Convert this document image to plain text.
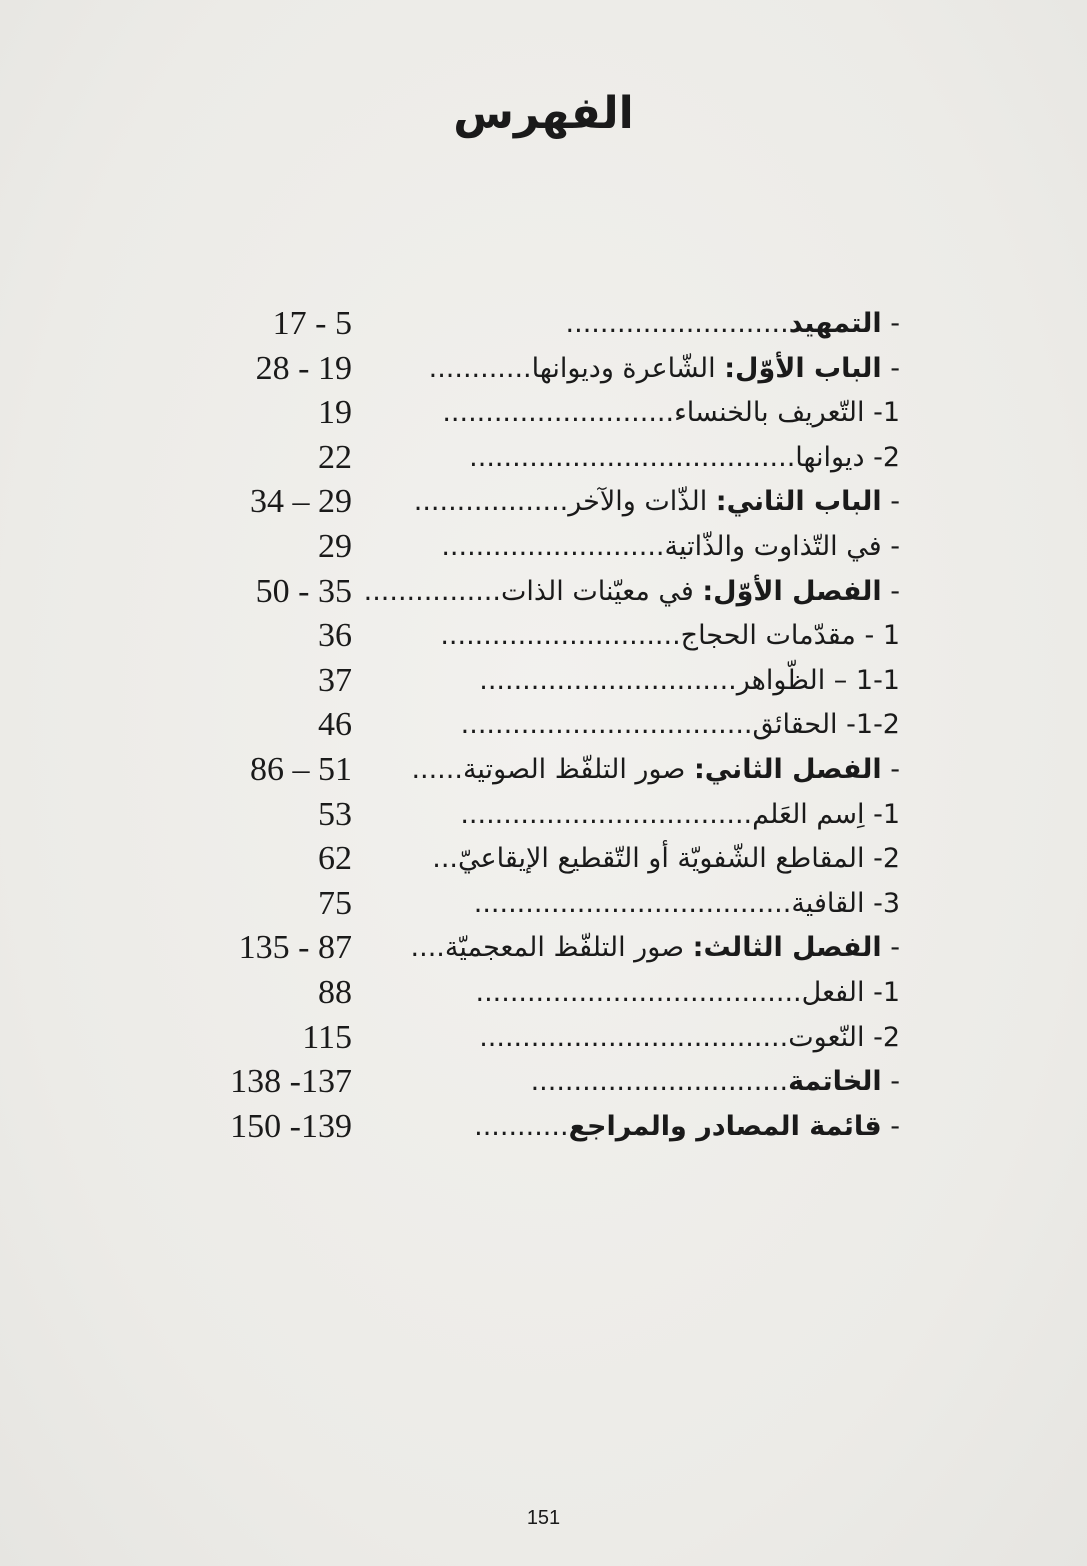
الفهرس
- التمهيد..........................
17 - 5
- الباب الأوّل: الشّاعرة وديوانها............
28 - 19
1- التّعريف بالخنساء...........................
19
2- ديوانها......................................
22
- الباب الثاني: الذّات والآخر..................
34 – 29
- في التّذاوت والذّاتية..........................
29
- الفصل الأوّل: في معيّنات الذات................
50 - 35
1 - مقدّمات الحجاج............................
36
1-1 – الظّواهر..............................
37
1-2- الحقائق..................................
46
- الفصل الثاني: صور التلفّظ الصوتية......
86 – 51
1- اِسم العَلم..................................
53
2- المقاطع الشّفويّة أو التّقطيع الإيقاعيّ...
62
3- القافية.....................................
75
- الفصل الثالث: صور التلفّظ المعجميّة....
135 - 87
1- الفعل......................................
88
2- النّعوت....................................
115
- الخاتمة..............................
138 -137
- قائمة المصادر والمراجع...........
150 -139
151
